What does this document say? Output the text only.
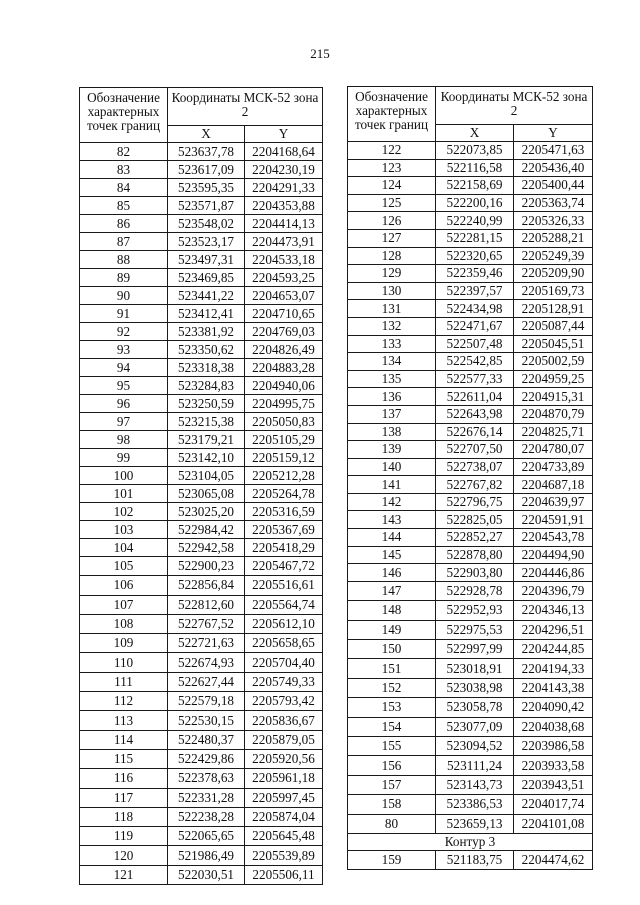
215
Обозначение характерных точек границ	Координаты МСК-52 зона 2	
	X	Y
82	523637,78	2204168,64
83	523617,09	2204230,19
84	523595,35	2204291,33
85	523571,87	2204353,88
86	523548,02	2204414,13
87	523523,17	2204473,91
88	523497,31	2204533,18
89	523469,85	2204593,25
90	523441,22	2204653,07
91	523412,41	2204710,65
92	523381,92	2204769,03
93	523350,62	2204826,49
94	523318,38	2204883,28
95	523284,83	2204940,06
96	523250,59	2204995,75
97	523215,38	2205050,83
98	523179,21	2205105,29
99	523142,10	2205159,12
100	523104,05	2205212,28
101	523065,08	2205264,78
102	523025,20	2205316,59
103	522984,42	2205367,69
104	522942,58	2205418,29
105	522900,23	2205467,72
106	522856,84	2205516,61
107	522812,60	2205564,74
108	522767,52	2205612,10
109	522721,63	2205658,65
110	522674,93	2205704,40
111	522627,44	2205749,33
112	522579,18	2205793,42
113	522530,15	2205836,67
114	522480,37	2205879,05
115	522429,86	2205920,56
116	522378,63	2205961,18
117	522331,28	2205997,45
118	522238,28	2205874,04
119	522065,65	2205645,48
120	521986,49	2205539,89
121	522030,51	2205506,11
Обозначение характерных точек границ	Координаты МСК-52 зона 2	
	X	Y
122	522073,85	2205471,63
123	522116,58	2205436,40
124	522158,69	2205400,44
125	522200,16	2205363,74
126	522240,99	2205326,33
127	522281,15	2205288,21
128	522320,65	2205249,39
129	522359,46	2205209,90
130	522397,57	2205169,73
131	522434,98	2205128,91
132	522471,67	2205087,44
133	522507,48	2205045,51
134	522542,85	2205002,59
135	522577,33	2204959,25
136	522611,04	2204915,31
137	522643,98	2204870,79
138	522676,14	2204825,71
139	522707,50	2204780,07
140	522738,07	2204733,89
141	522767,82	2204687,18
142	522796,75	2204639,97
143	522825,05	2204591,91
144	522852,27	2204543,78
145	522878,80	2204494,90
146	522903,80	2204446,86
147	522928,78	2204396,79
148	522952,93	2204346,13
149	522975,53	2204296,51
150	522997,99	2204244,85
151	523018,91	2204194,33
152	523038,98	2204143,38
153	523058,78	2204090,42
154	523077,09	2204038,68
155	523094,52	2203986,58
156	523111,24	2203933,58
157	523143,73	2203943,51
158	523386,53	2204017,74
80	523659,13	2204101,08
Контур 3		
159	521183,75	2204474,62
